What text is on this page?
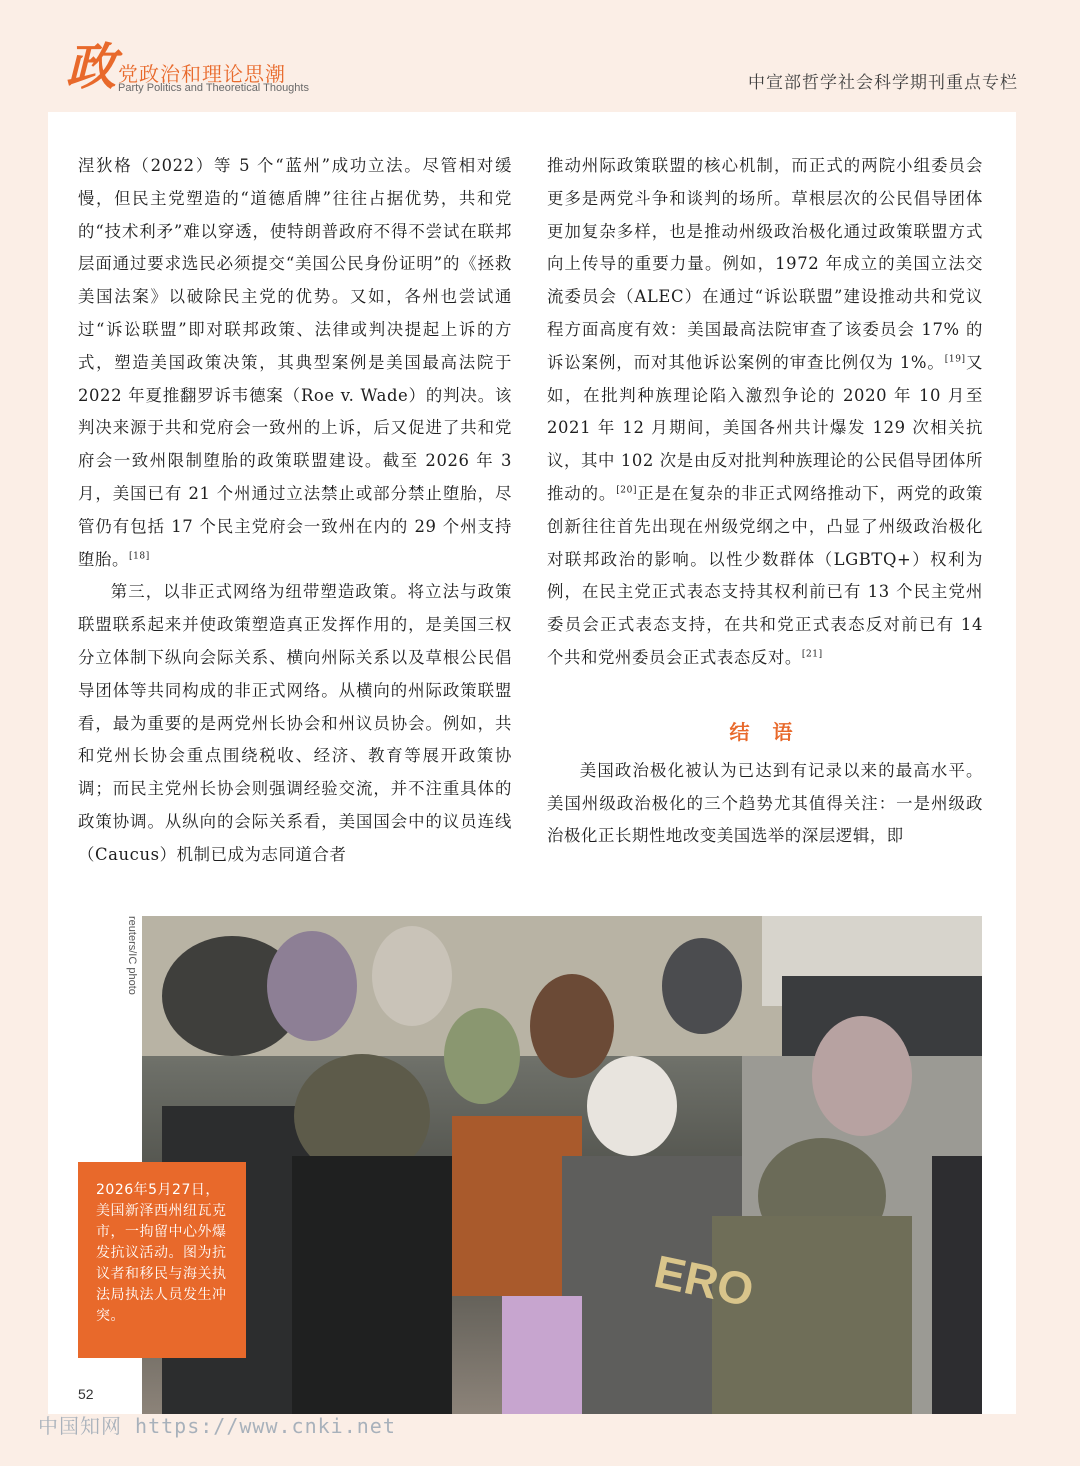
政 党政治和理论思潮
Party Politics and Theoretical Thoughts	中宣部哲学社会科学期刊重点专栏

涅狄格（2022）等 5 个“蓝州”成功立法。尽管相对缓慢，但民主党塑造的“道德盾牌”往往占据优势，共和党的“技术利矛”难以穿透，使特朗普政府不得不尝试在联邦层面通过要求选民必须提交“美国公民身份证明”的《拯救美国法案》以破除民主党的优势。又如，各州也尝试通过“诉讼联盟”即对联邦政策、法律或判决提起上诉的方式，塑造美国政策决策，其典型案例是美国最高法院于 2022 年夏推翻罗诉韦德案（Roe v. Wade）的判决。该判决来源于共和党府会一致州的上诉，后又促进了共和党府会一致州限制堕胎的政策联盟建设。截至 2026 年 3 月，美国已有 21 个州通过立法禁止或部分禁止堕胎，尽管仍有包括 17 个民主党府会一致州在内的 29 个州支持堕胎。[18]

第三，以非正式网络为纽带塑造政策。将立法与政策联盟联系起来并使政策塑造真正发挥作用的，是美国三权分立体制下纵向会际关系、横向州际关系以及草根公民倡导团体等共同构成的非正式网络。从横向的州际政策联盟看，最为重要的是两党州长协会和州议员协会。例如，共和党州长协会重点围绕税收、经济、教育等展开政策协调；而民主党州长协会则强调经验交流，并不注重具体的政策协调。从纵向的会际关系看，美国国会中的议员连线（Caucus）机制已成为志同道合者

推动州际政策联盟的核心机制，而正式的两院小组委员会更多是两党斗争和谈判的场所。草根层次的公民倡导团体更加复杂多样，也是推动州级政治极化通过政策联盟方式向上传导的重要力量。例如，1972 年成立的美国立法交流委员会（ALEC）在通过“诉讼联盟”建设推动共和党议程方面高度有效：美国最高法院审查了该委员会 17% 的诉讼案例，而对其他诉讼案例的审查比例仅为 1%。[19]又如，在批判种族理论陷入激烈争论的 2020 年 10 月至 2021 年 12 月期间，美国各州共计爆发 129 次相关抗议，其中 102 次是由反对批判种族理论的公民倡导团体所推动的。[20]正是在复杂的非正式网络推动下，两党的政策创新往往首先出现在州级党纲之中，凸显了州级政治极化对联邦政治的影响。以性少数群体（LGBTQ+）权利为例，在民主党正式表态支持其权利前已有 13 个民主党州委员会正式表态支持，在共和党正式表态反对前已有 14 个共和党州委员会正式表态反对。[21]

结 语

美国政治极化被认为已达到有记录以来的最高水平。美国州级政治极化的三个趋势尤其值得关注：一是州级政治极化正长期性地改变美国选举的深层逻辑，即

reuters/IC photo
ERO
2026年5月27日，美国新泽西州纽瓦克市，一拘留中心外爆发抗议活动。图为抗议者和移民与海关执法局执法人员发生冲突。
52
中国知网 https://www.cnki.net
